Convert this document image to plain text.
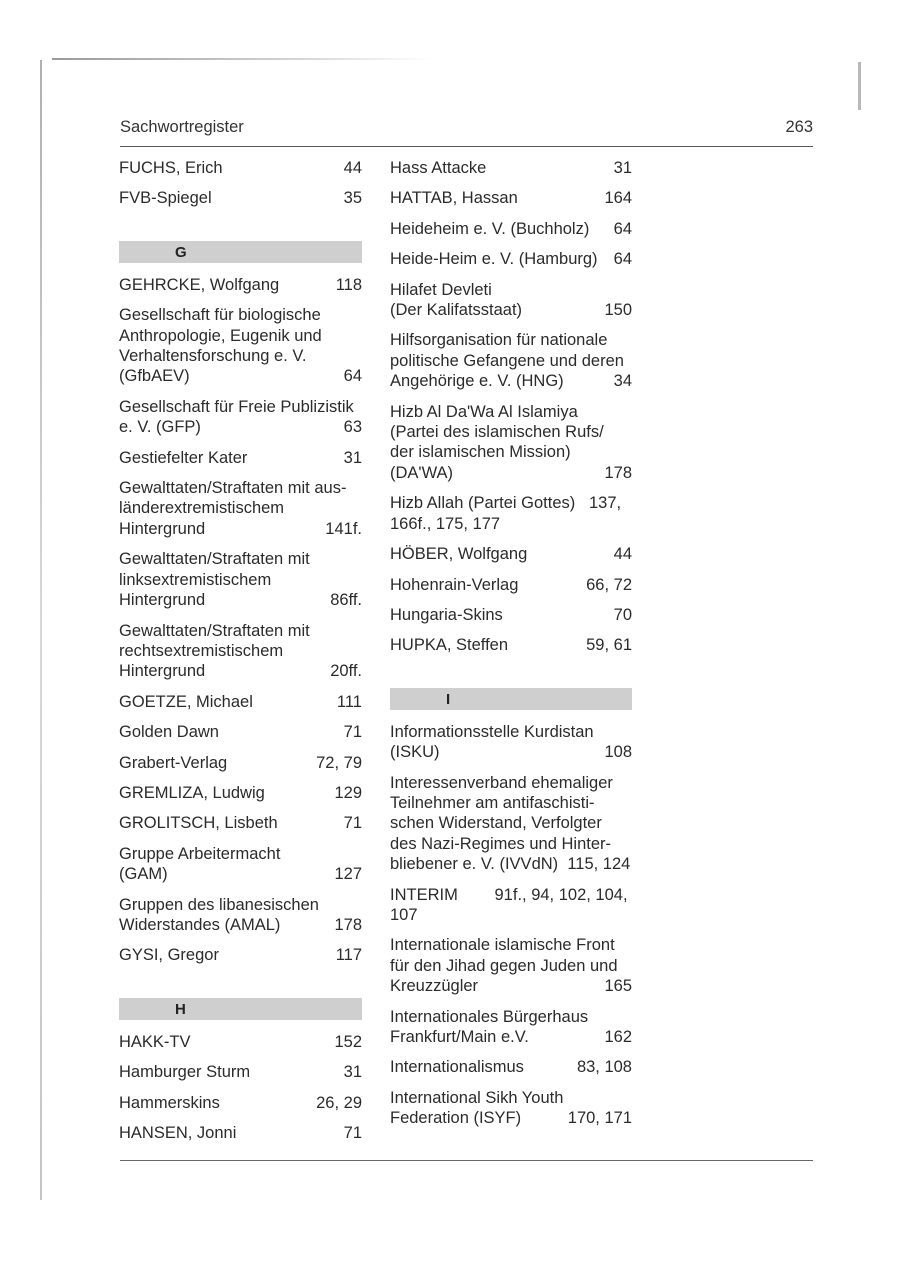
Sachwortregister	263
FUCHS, Erich	44
FVB-Spiegel	35
G
GEHRCKE, Wolfgang	118
Gesellschaft für biologische
Anthropologie, Eugenik und
Verhaltensforschung e. V.
(GfbAEV)	64
Gesellschaft für Freie Publizistik
e. V. (GFP)	63
Gestiefelter Kater	31
Gewalttaten/Straftaten mit aus-
länderextremistischem
Hintergrund	141f.
Gewalttaten/Straftaten mit
linksextremistischem
Hintergrund	86ff.
Gewalttaten/Straftaten mit
rechtsextremistischem
Hintergrund	20ff.
GOETZE, Michael	111
Golden Dawn	71
Grabert-Verlag	72, 79
GREMLIZA, Ludwig	129
GROLITSCH, Lisbeth	71
Gruppe Arbeitermacht
(GAM)	127
Gruppen des libanesischen
Widerstandes (AMAL)	178
GYSI, Gregor	117
H
HAKK-TV	152
Hamburger Sturm	31
Hammerskins	26, 29
HANSEN, Jonni	71
Hass Attacke	31
HATTAB, Hassan	164
Heideheim e. V. (Buchholz)	64
Heide-Heim e. V. (Hamburg) 64
Hilafet Devleti
(Der Kalifatsstaat)	150
Hilfsorganisation für nationale
politische Gefangene und deren
Angehörige e. V. (HNG)	34
Hizb Al Da'Wa Al Islamiya
(Partei des islamischen Rufs/
der islamischen Mission)
(DA'WA)	178
Hizb Allah (Partei Gottes)   137,
166f., 175, 177
HÖBER, Wolfgang	44
Hohenrain-Verlag	66, 72
Hungaria-Skins	70
HUPKA, Steffen	59, 61
I
Informationsstelle Kurdistan
(ISKU)	108
Interessenverband ehemaliger
Teilnehmer am antifaschisti-
schen Widerstand, Verfolgter
des Nazi-Regimes und Hinter-
bliebener e. V. (IVVdN)  115, 124
INTERIM        91f., 94, 102, 104,
107
Internationale islamische Front
für den Jihad gegen Juden und
Kreuzzügler	165
Internationales Bürgerhaus
Frankfurt/Main e.V.	162
Internationalismus	83, 108
International Sikh Youth
Federation (ISYF)	170, 171
